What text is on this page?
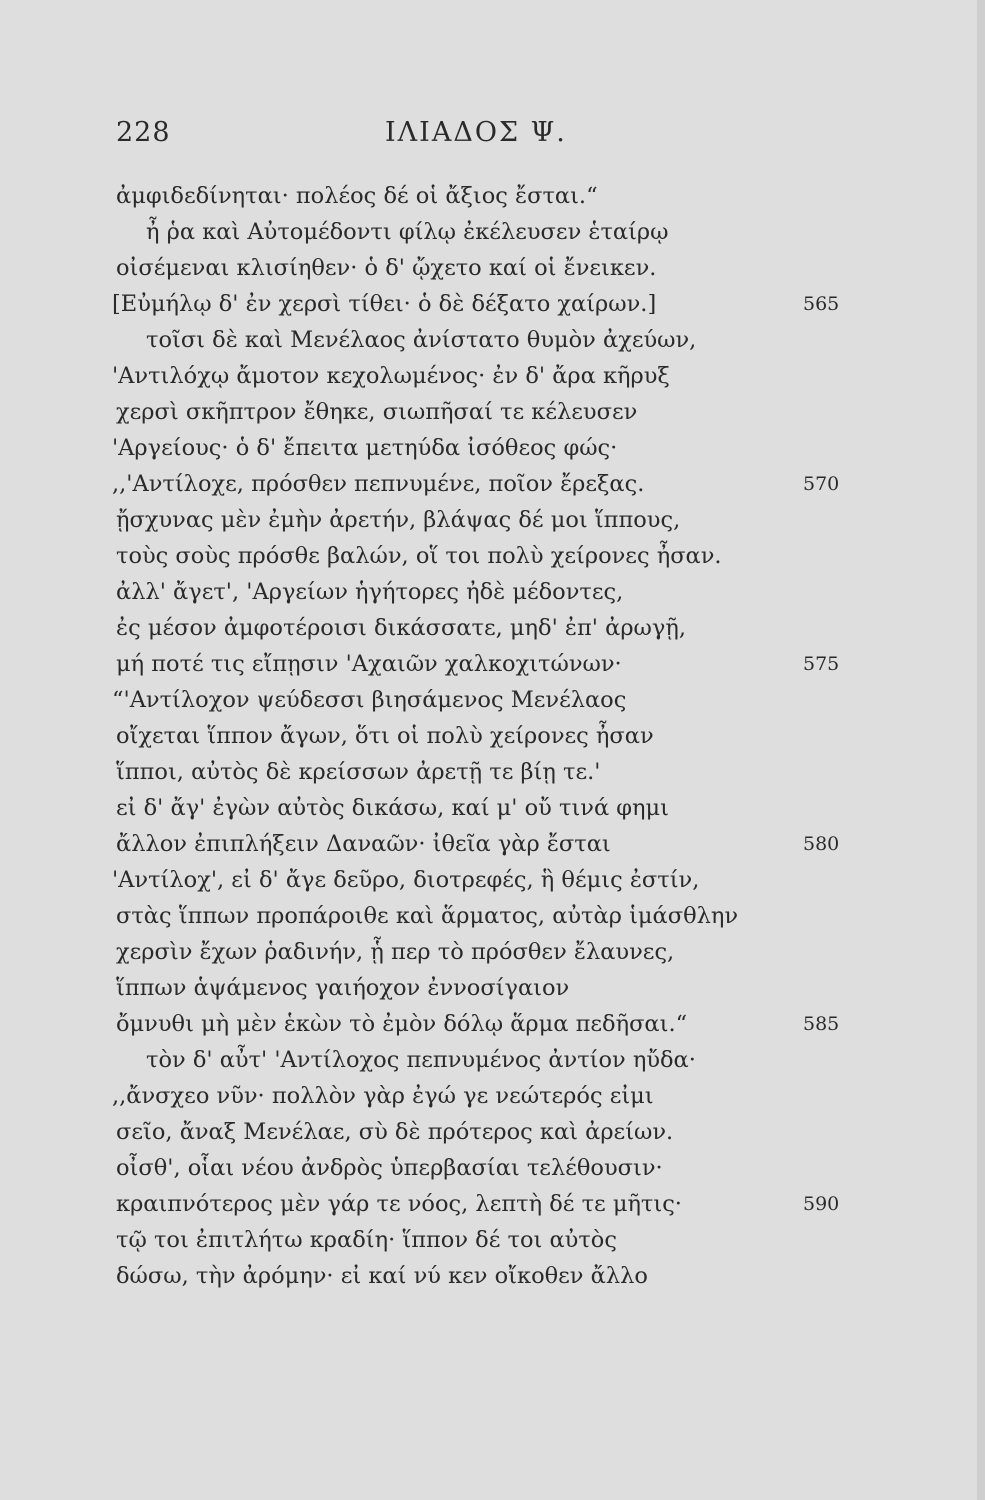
228	ΙΛΙΑΔΟΣ Ψ.
ἀμφιδεδίνηται· πολέος δέ οἱ ἄξιος ἔσται.“
ἦ ῥα καὶ Αὐτομέδοντι φίλῳ ἐκέλευσεν ἑταίρῳ
οἰσέμεναι κλισίηθεν· ὁ δ' ᾤχετο καί οἱ ἔνεικεν.
[Εὐμήλῳ δ' ἐν χερσὶ τίθει· ὁ δὲ δέξατο χαίρων.]
τοῖσι δὲ καὶ Μενέλαος ἀνίστατο θυμὸν ἀχεύων,
'Αντιλόχῳ ἄμοτον κεχολωμένος· ἐν δ' ἄρα κῆρυξ
χερσὶ σκῆπτρον ἔθηκε, σιωπῆσαί τε κέλευσεν
'Αργείους· ὁ δ' ἔπειτα μετηύδα ἰσόθεος φώς·
,,'Αντίλοχε, πρόσθεν πεπνυμένε, ποῖον ἔρεξας.
ᾔσχυνας μὲν ἐμὴν ἀρετήν, βλάψας δέ μοι ἵππους,
τοὺς σοὺς πρόσθε βαλών, οἵ τοι πολὺ χείρονες ἦσαν.
ἀλλ' ἄγετ', 'Αργείων ἡγήτορες ἠδὲ μέδοντες,
ἐς μέσον ἀμφοτέροισι δικάσσατε, μηδ' ἐπ' ἀρωγῇ,
μή ποτέ τις εἴπῃσιν 'Αχαιῶν χαλκοχιτώνων·
“'Αντίλοχον ψεύδεσσι βιησάμενος Μενέλαος
οἴχεται ἵππον ἄγων, ὅτι οἱ πολὺ χείρονες ἦσαν
ἵπποι, αὐτὸς δὲ κρείσσων ἀρετῇ τε βίῃ τε.'
εἰ δ' ἄγ' ἐγὼν αὐτὸς δικάσω, καί μ' οὔ τινά φημι
ἄλλον ἐπιπλήξειν Δαναῶν· ἰθεῖα γὰρ ἔσται
'Αντίλοχ', εἰ δ' ἄγε δεῦρο, διοτρεφές, ἣ θέμις ἐστίν,
στὰς ἵππων προπάροιθε καὶ ἅρματος, αὐτὰρ ἱμάσθλην
χερσὶν ἔχων ῥαδινήν, ᾗ περ τὸ πρόσθεν ἔλαυνες,
ἵππων ἁψάμενος γαιήοχον ἐννοσίγαιον
ὄμνυθι μὴ μὲν ἑκὼν τὸ ἐμὸν δόλῳ ἅρμα πεδῆσαι.“
τὸν δ' αὖτ' 'Αντίλοχος πεπνυμένος ἀντίον ηὔδα·
,,ἄνσχεο νῦν· πολλὸν γὰρ ἐγώ γε νεώτερός εἰμι
σεῖο, ἄναξ Μενέλαε, σὺ δὲ πρότερος καὶ ἀρείων.
οἶσθ', οἷαι νέου ἀνδρὸς ὑπερβασίαι τελέθουσιν·
κραιπνότερος μὲν γάρ τε νόος, λεπτὴ δέ τε μῆτις·
τῷ τοι ἐπιτλήτω κραδίη· ἵππον δέ τοι αὐτὸς
δώσω, τὴν ἀρόμην· εἰ καί νύ κεν οἴκοθεν ἄλλο
565
570
575
580
585
590
